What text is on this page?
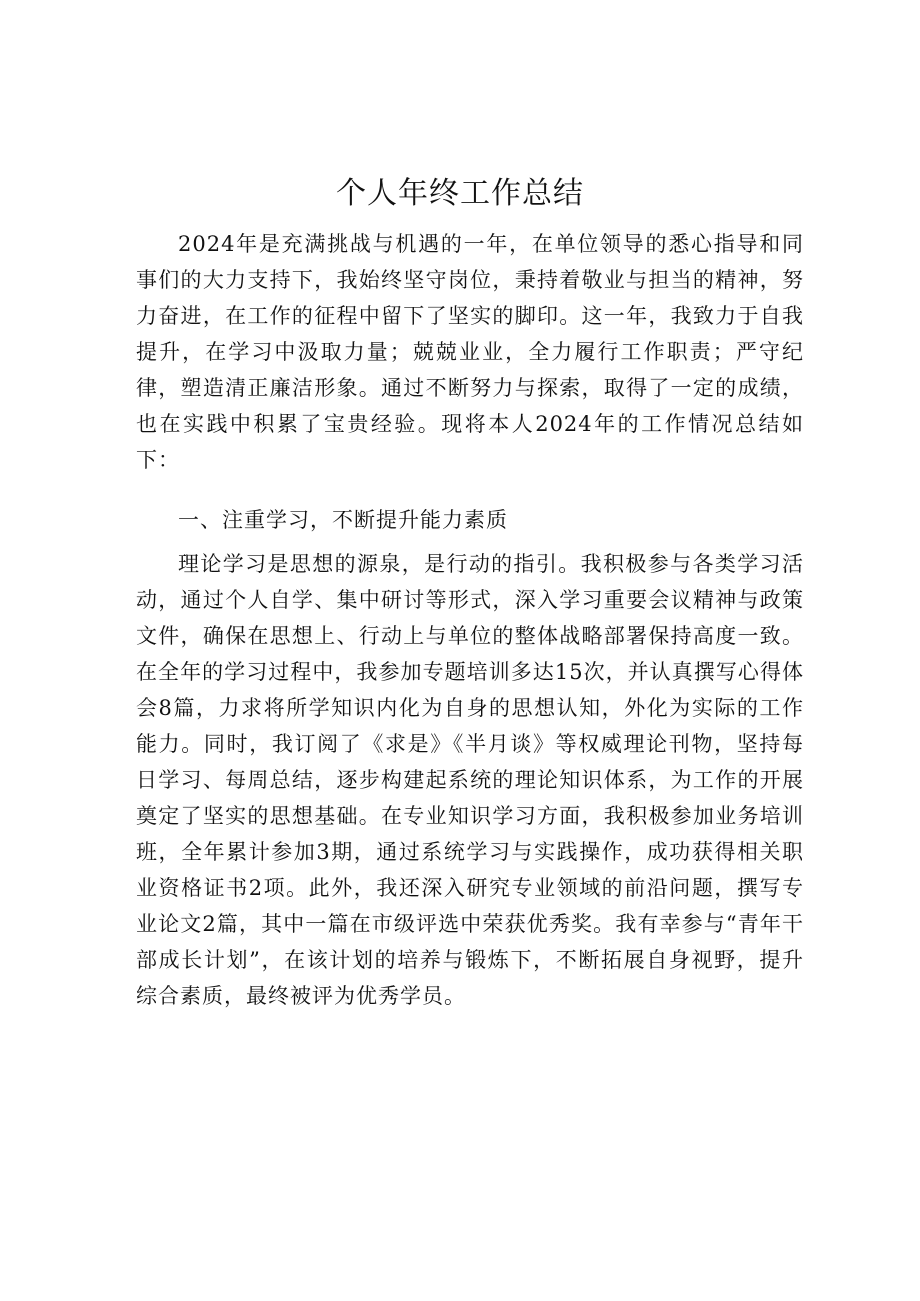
个人年终工作总结

2024年是充满挑战与机遇的一年，在单位领导的悉心指导和同事们的大力支持下，我始终坚守岗位，秉持着敬业与担当的精神，努力奋进，在工作的征程中留下了坚实的脚印。这一年，我致力于自我提升，在学习中汲取力量；兢兢业业，全力履行工作职责；严守纪律，塑造清正廉洁形象。通过不断努力与探索，取得了一定的成绩，也在实践中积累了宝贵经验。现将本人2024年的工作情况总结如下：

一、注重学习，不断提升能力素质

理论学习是思想的源泉，是行动的指引。我积极参与各类学习活动，通过个人自学、集中研讨等形式，深入学习重要会议精神与政策文件，确保在思想上、行动上与单位的整体战略部署保持高度一致。在全年的学习过程中，我参加专题培训多达15次，并认真撰写心得体会8篇，力求将所学知识内化为自身的思想认知，外化为实际的工作能力。同时，我订阅了《求是》《半月谈》等权威理论刊物，坚持每日学习、每周总结，逐步构建起系统的理论知识体系，为工作的开展奠定了坚实的思想基础。在专业知识学习方面，我积极参加业务培训班，全年累计参加3期，通过系统学习与实践操作，成功获得相关职业资格证书2项。此外，我还深入研究专业领域的前沿问题，撰写专业论文2篇，其中一篇在市级评选中荣获优秀奖。我有幸参与“青年干部成长计划”，在该计划的培养与锻炼下，不断拓展自身视野，提升综合素质，最终被评为优秀学员。
